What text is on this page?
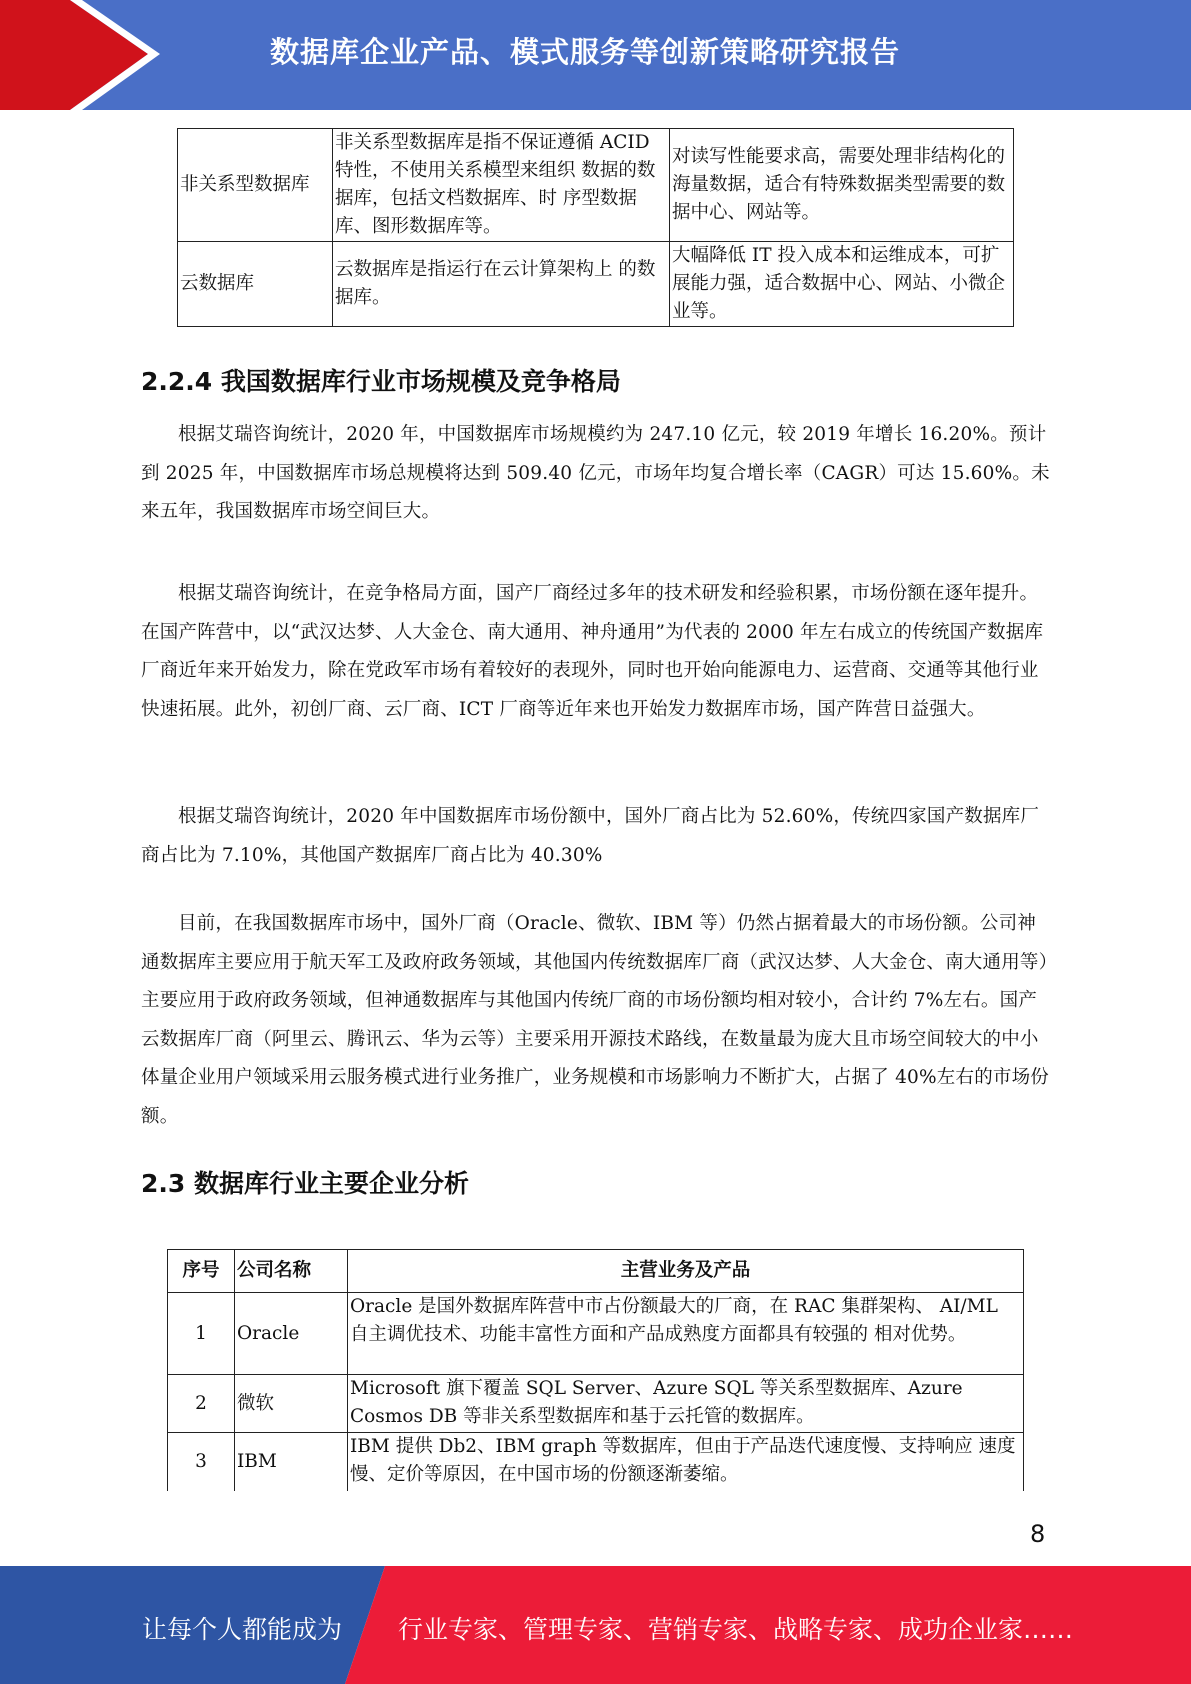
数据库企业产品、模式服务等创新策略研究报告
非关系型数据库	非关系型数据库是指不保证遵循 ACID 特性，不使用关系模型来组织 数据的数据库，包括文档数据库、时 序型数据库、图形数据库等。	对读写性能要求高，需要处理非结构化的海量数据，适合有特殊数据类型需要的数据中心、网站等。
云数据库	云数据库是指运行在云计算架构上 的数据库。	大幅降低 IT 投入成本和运维成本，可扩展能力强，适合数据中心、网站、小微企业等。
2.2.4 我国数据库行业市场规模及竞争格局

根据艾瑞咨询统计，2020 年，中国数据库市场规模约为 247.10 亿元，较 2019 年增长 16.20%。预计到 2025 年，中国数据库市场总规模将达到 509.40 亿元，市场年均复合增长率（CAGR）可达 15.60%。未来五年，我国数据库市场空间巨大。

根据艾瑞咨询统计，在竞争格局方面，国产厂商经过多年的技术研发和经验积累，市场份额在逐年提升。在国产阵营中，以“武汉达梦、人大金仓、南大通用、神舟通用”为代表的 2000 年左右成立的传统国产数据库厂商近年来开始发力，除在党政军市场有着较好的表现外，同时也开始向能源电力、运营商、交通等其他行业快速拓展。此外，初创厂商、云厂商、ICT 厂商等近年来也开始发力数据库市场，国产阵营日益强大。

根据艾瑞咨询统计，2020 年中国数据库市场份额中，国外厂商占比为 52.60%，传统四家国产数据库厂商占比为 7.10%，其他国产数据库厂商占比为 40.30%

目前，在我国数据库市场中，国外厂商（Oracle、微软、IBM 等）仍然占据着最大的市场份额。公司神通数据库主要应用于航天军工及政府政务领域，其他国内传统数据库厂商（武汉达梦、人大金仓、南大通用等）主要应用于政府政务领域，但神通数据库与其他国内传统厂商的市场份额均相对较小，合计约 7%左右。国产云数据库厂商（阿里云、腾讯云、华为云等）主要采用开源技术路线，在数量最为庞大且市场空间较大的中小体量企业用户领域采用云服务模式进行业务推广，业务规模和市场影响力不断扩大，占据了 40%左右的市场份额。

2.3 数据库行业主要企业分析
序号	公司名称	主营业务及产品
1	Oracle	Oracle 是国外数据库阵营中市占份额最大的厂商，在 RAC 集群架构、 AI/ML 自主调优技术、功能丰富性方面和产品成熟度方面都具有较强的 相对优势。
2	微软	Microsoft 旗下覆盖 SQL Server、Azure SQL 等关系型数据库、Azure Cosmos DB 等非关系型数据库和基于云托管的数据库。
3	IBM	IBM 提供 Db2、IBM graph 等数据库，但由于产品迭代速度慢、支持响应 速度慢、定价等原因，在中国市场的份额逐渐萎缩。
8
让每个人都能成为 行业专家、管理专家、营销专家、战略专家、成功企业家……
